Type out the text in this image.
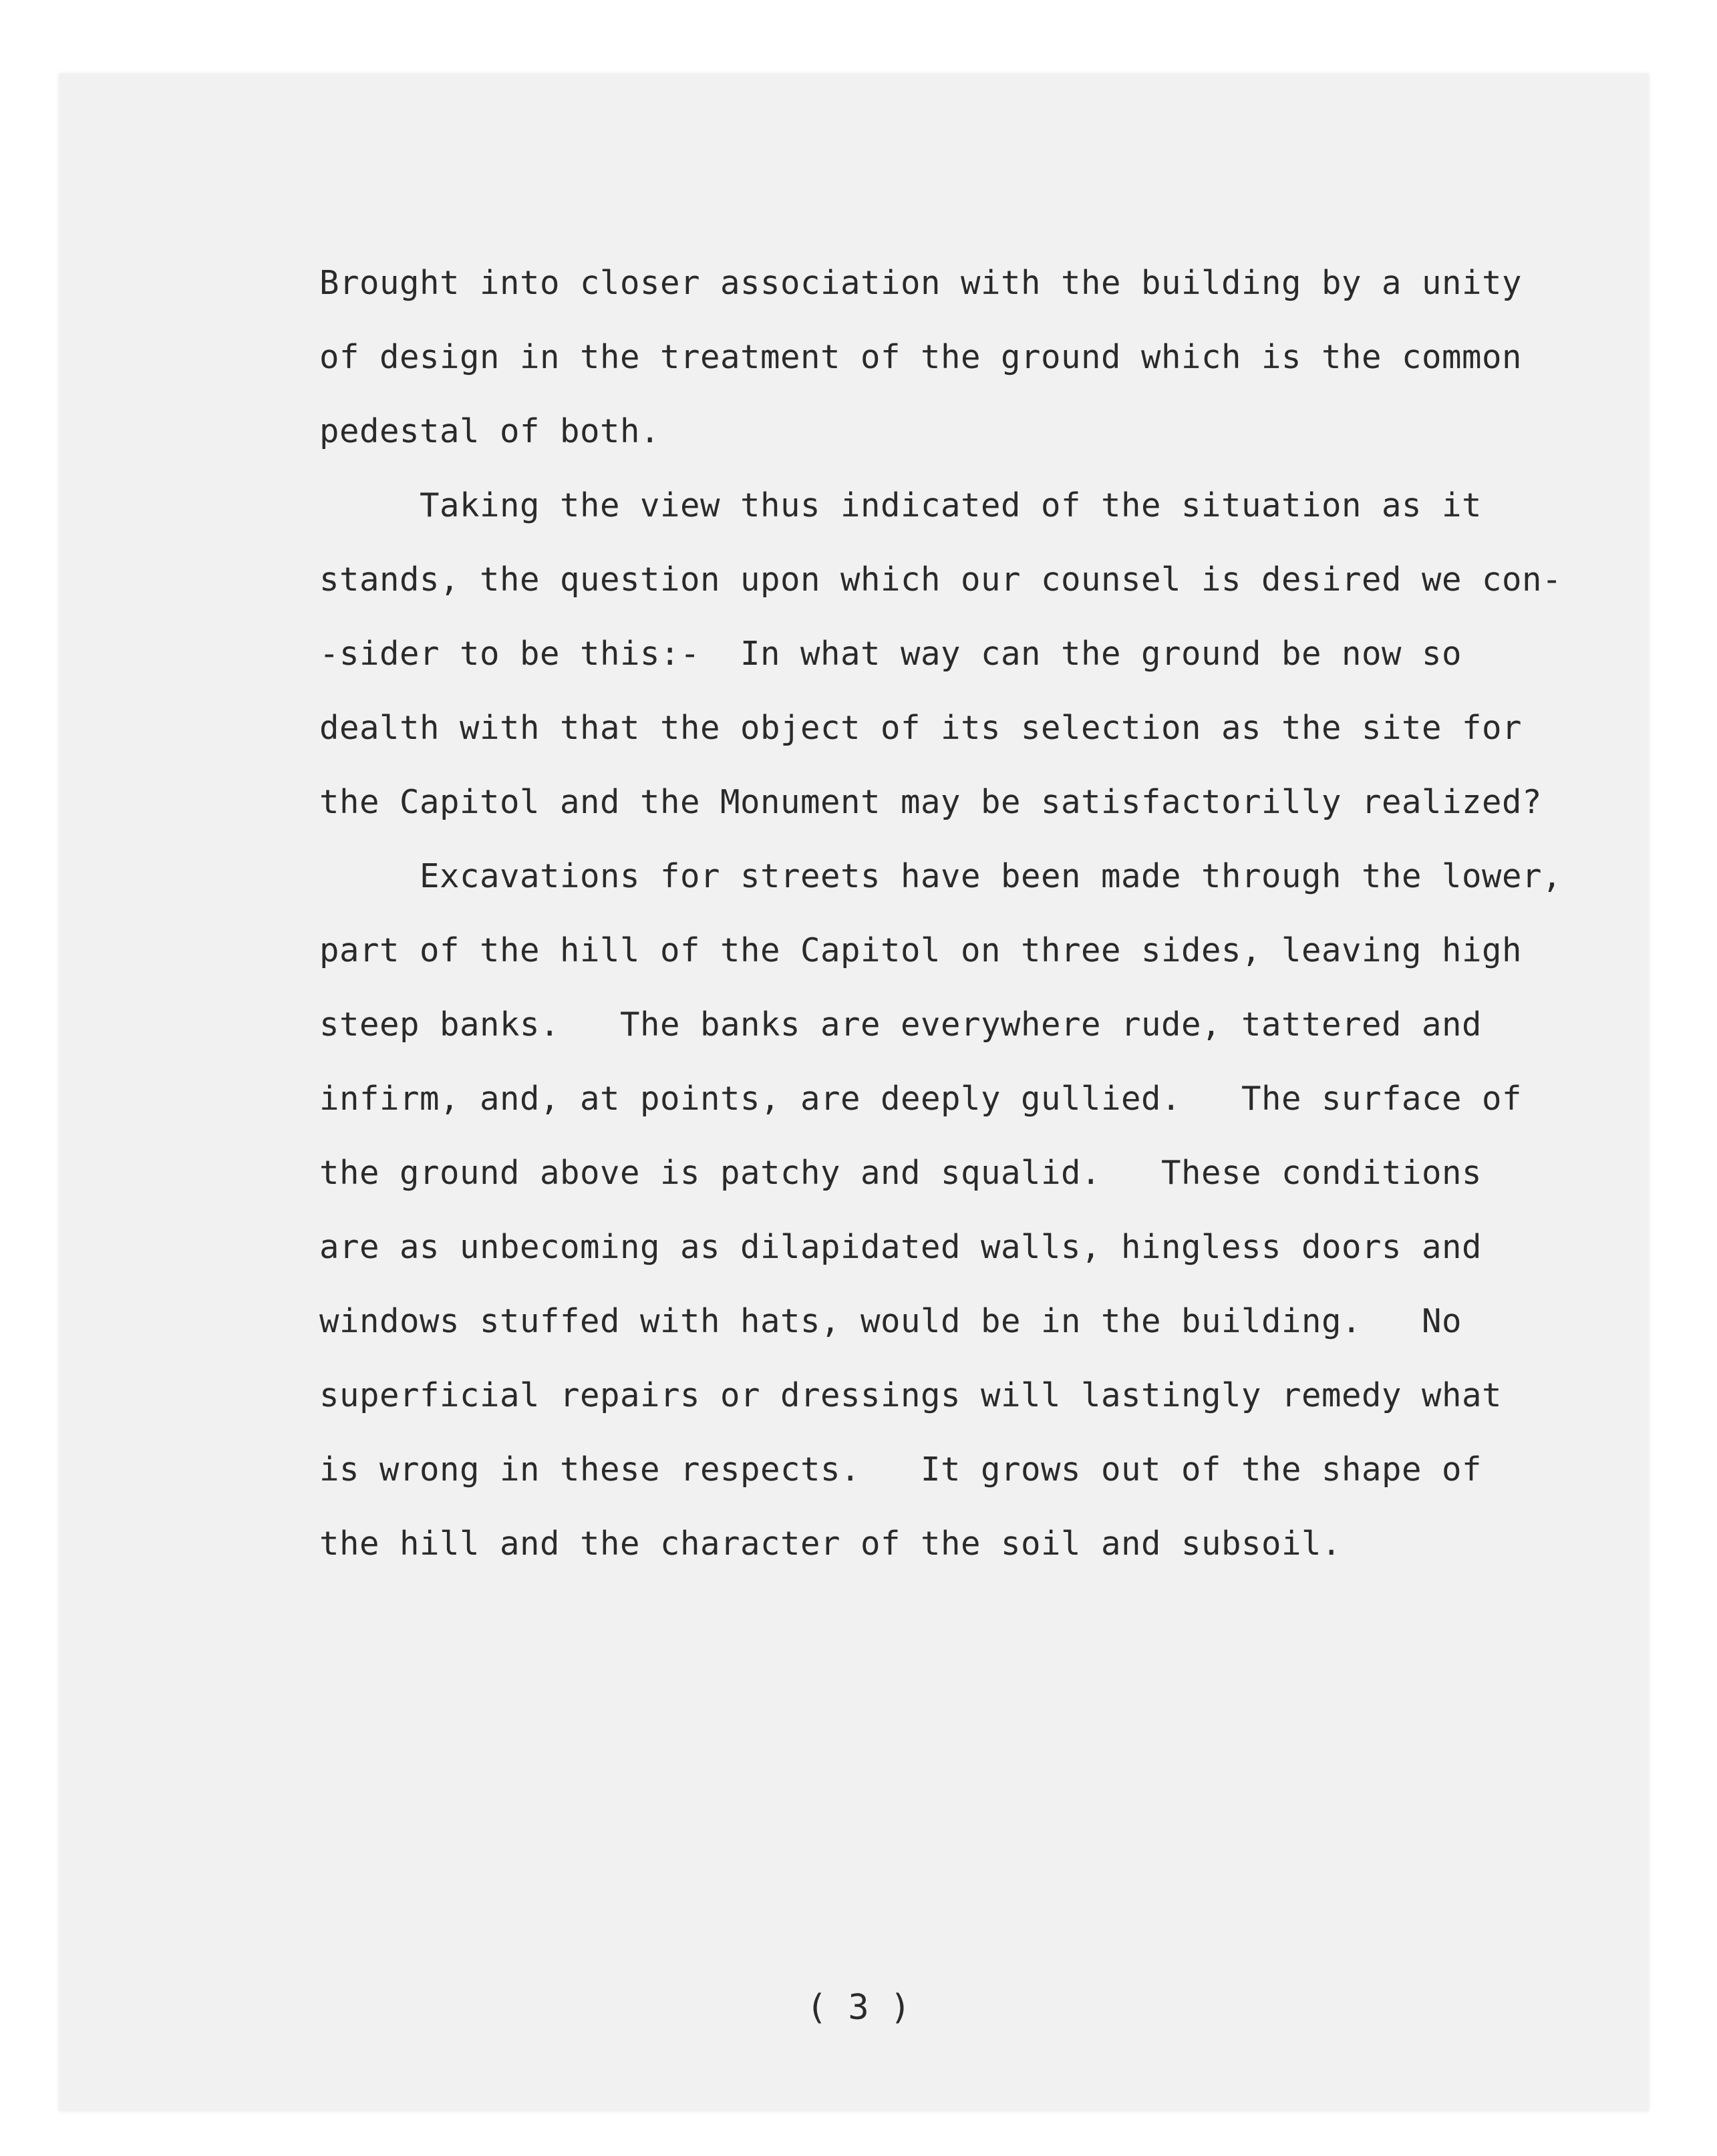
Brought into closer association with the building by a unity
of design in the treatment of the ground which is the common
pedestal of both.
Taking the view thus indicated of the situation as it
stands, the question upon which our counsel is desired we con-
-sider to be this:-  In what way can the ground be now so
dealth with that the object of its selection as the site for
the Capitol and the Monument may be satisfactorilly realized?
Excavations for streets have been made through the lower,
part of the hill of the Capitol on three sides, leaving high
steep banks.   The banks are everywhere rude, tattered and
infirm, and, at points, are deeply gullied.   The surface of
the ground above is patchy and squalid.   These conditions
are as unbecoming as dilapidated walls, hingless doors and
windows stuffed with hats, would be in the building.   No
superficial repairs or dressings will lastingly remedy what
is wrong in these respects.   It grows out of the shape of
the hill and the character of the soil and subsoil.
( 3 )
